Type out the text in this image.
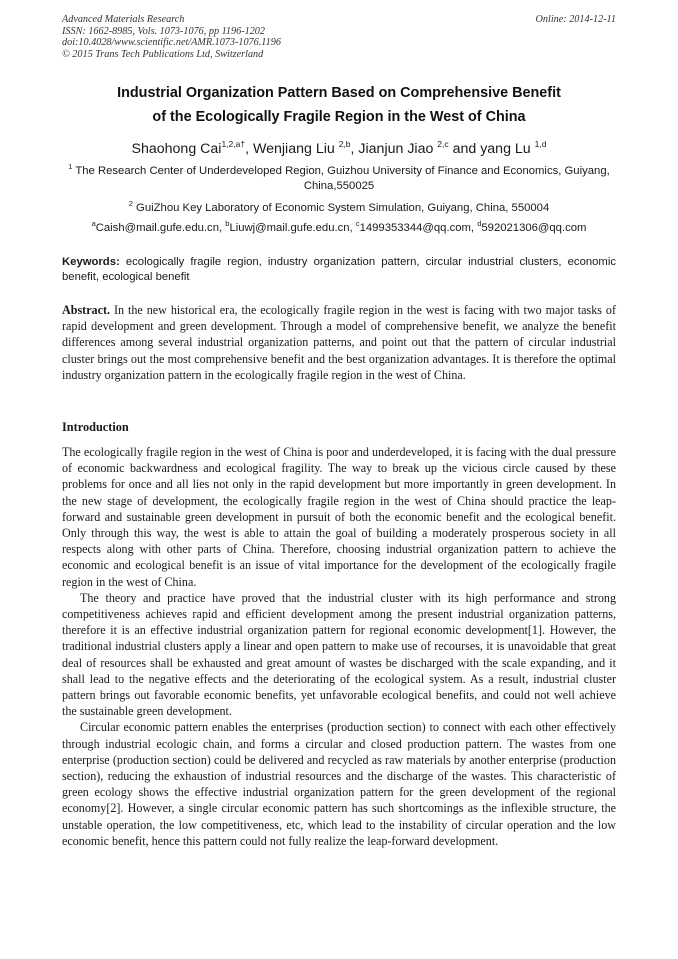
Advanced Materials Research
ISSN: 1662-8985, Vols. 1073-1076, pp 1196-1202
doi:10.4028/www.scientific.net/AMR.1073-1076.1196
© 2015 Trans Tech Publications Ltd, Switzerland
Online: 2014-12-11
Industrial Organization Pattern Based on Comprehensive Benefit
of the Ecologically Fragile Region in the West of China
Shaohong Cai$^{1,2,a\dagger}$, Wenjiang Liu $^{2,b}$, Jianjun Jiao $^{2,c}$ and yang Lu $^{1,d}$
$^1$ The Research Center of Underdeveloped Region, Guizhou University of Finance and Economics, Guiyang, China,550025
$^2$ GuiZhou Key Laboratory of Economic System Simulation, Guiyang, China, 550004
$^a$Caish@mail.gufe.edu.cn, $^b$Liuwj@mail.gufe.edu.cn, $^c$1499353344@qq.com, $^d$592021306@qq.com
Keywords: ecologically fragile region, industry organization pattern, circular industrial clusters, economic benefit, ecological benefit
Abstract. In the new historical era, the ecologically fragile region in the west is facing with two major tasks of rapid development and green development. Through a model of comprehensive benefit, we analyze the benefit differences among several industrial organization patterns, and point out that the pattern of circular industrial cluster brings out the most comprehensive benefit and the best organization advantages. It is therefore the optimal industry organization pattern in the ecologically fragile region in the west of China.
Introduction

The ecologically fragile region in the west of China is poor and underdeveloped, it is facing with the dual pressure of economic backwardness and ecological fragility. The way to break up the vicious circle caused by these problems for once and all lies not only in the rapid development but more importantly in green development. In the new stage of development, the ecologically fragile region in the west of China should practice the leap-forward and sustainable green development in pursuit of both the economic benefit and the ecological benefit. Only through this way, the west is able to attain the goal of building a moderately prosperous society in all respects along with other parts of China. Therefore, choosing industrial organization pattern to achieve the economic and ecological benefit is an issue of vital importance for the development of the ecologically fragile region in the west of China.

The theory and practice have proved that the industrial cluster with its high performance and strong competitiveness achieves rapid and efficient development among the present industrial organization patterns, therefore it is an effective industrial organization pattern for regional economic development[1]. However, the traditional industrial clusters apply a linear and open pattern to make use of recourses, it is unavoidable that great deal of resources shall be exhausted and great amount of wastes be discharged with the scale expanding, and it shall lead to the negative effects and the deteriorating of the ecological system. As a result, industrial cluster pattern brings out favorable economic benefits, yet unfavorable ecological benefits, and could not well achieve the sustainable green development.

Circular economic pattern enables the enterprises (production section) to connect with each other effectively through industrial ecologic chain, and forms a circular and closed production pattern. The wastes from one enterprise (production section) could be delivered and recycled as raw materials by another enterprise (production section), reducing the exhaustion of industrial resources and the discharge of the wastes. This characteristic of green ecology shows the effective industrial organization pattern for the green development of the regional economy[2]. However, a single circular economic pattern has such shortcomings as the inflexible structure, the unstable operation, the low competitiveness, etc, which lead to the instability of circular operation and the low economic benefit, hence this pattern could not fully realize the leap-forward development.
